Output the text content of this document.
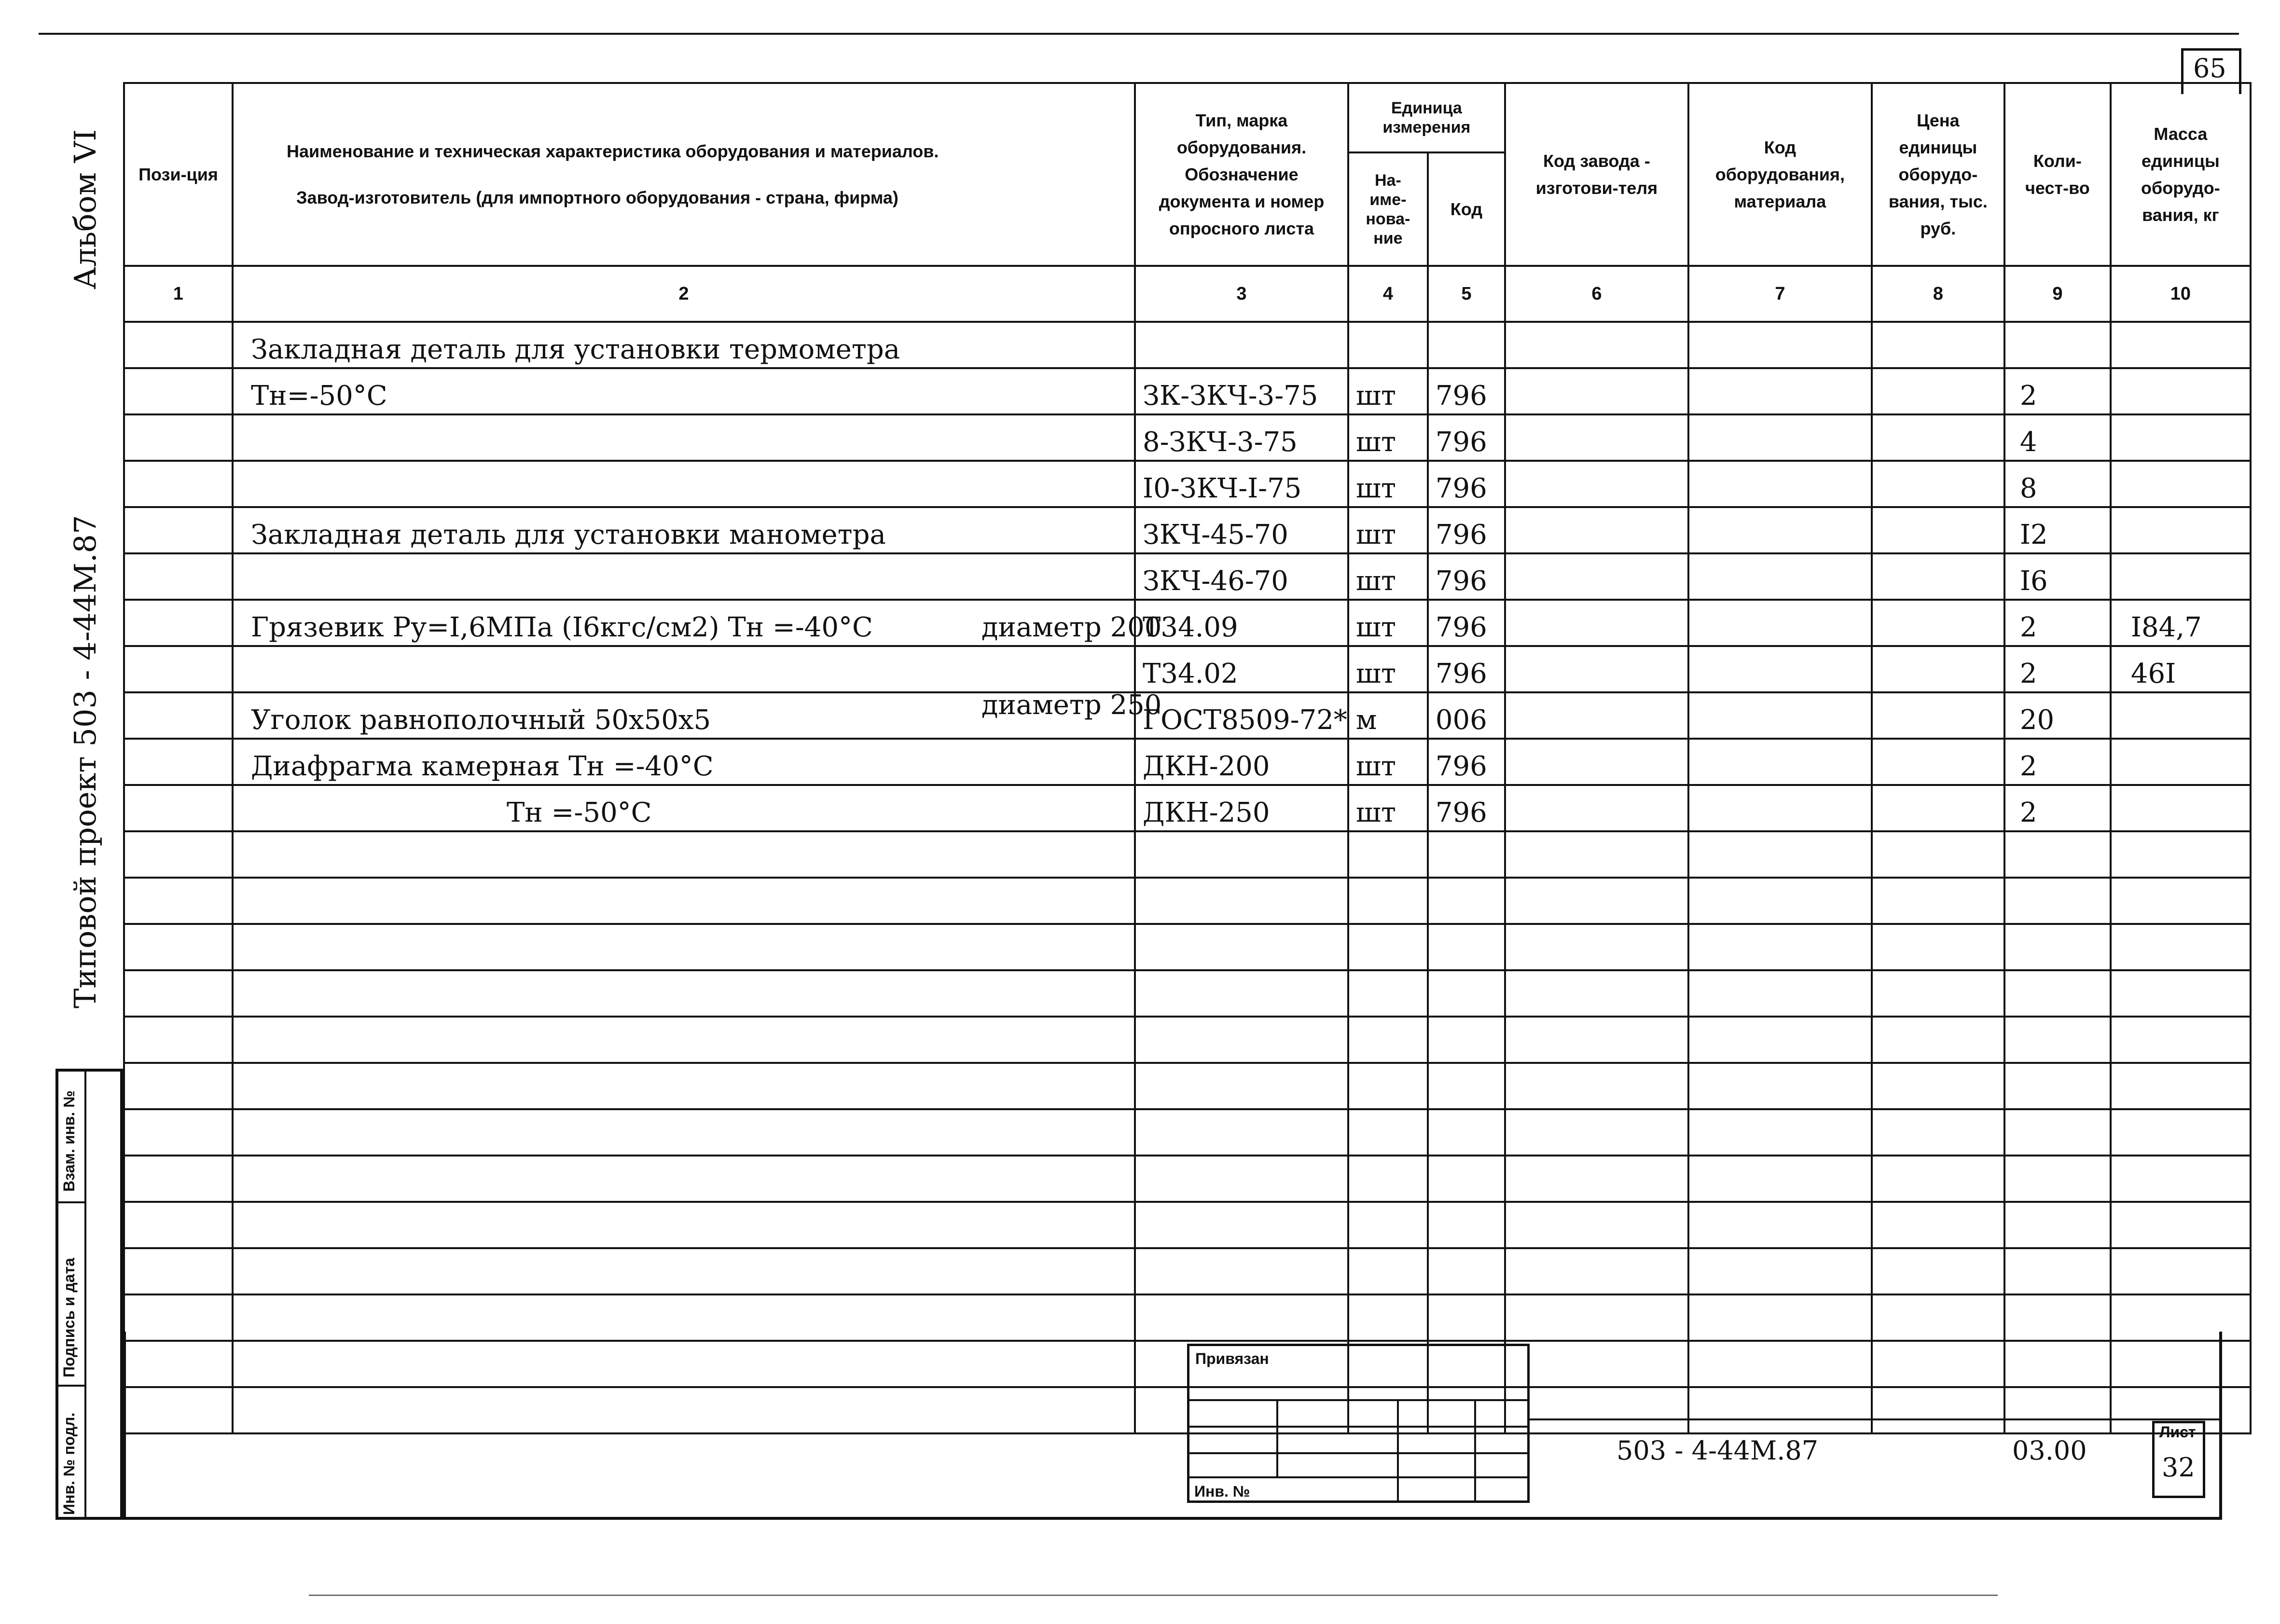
65
Альбом VI
Типовой проект 503 - 4-44М.87
Инв. № подл.
Подпись и дата
Взам. инв. №
Пози-ция	Наименование и техническая характеристика оборудования и материалов.
Завод-изготовитель (для импортного оборудования - страна, фирма)	Тип, марка оборудования. Обозначение документа и номер опросного листа	Единица измерения		Код завода - изготови-теля	Код оборудования, материала	Цена единицы оборудо-вания, тыс. руб.	Коли-чест-во	Масса единицы оборудо-вания, кг
			На-име-нова-ние	Код					
1	2	3	4	5	6	7	8	9	10
	Закладная деталь для установки термометра								
	Тн=-50°C	ЗК-ЗКЧ-3-75	шт	796				2	
		8-ЗКЧ-3-75	шт	796				4	
		I0-ЗКЧ-I-75	шт	796				8	
	Закладная деталь для установки манометра	ЗКЧ-45-70	шт	796				I2	
		ЗКЧ-46-70	шт	796				I6	
	Грязевик Ру=I,6МПа (I6кгс/см2) Тн =-40°C диаметр 200	Т34.09	шт	796				2	I84,7

	диаметр 250	Т34.02	шт	796				2	46I
	Уголок равнополочный 50x50x5	ГОСТ8509-72*	м	006				20	
	Диафрагма камерная Тн =-40°C	ДКН-200	шт	796				2	
	Тн =-50°C	ДКН-250	шт	796				2	

Привязан
Инв. №
503 - 4-44М.87	03.00
Лист
32
